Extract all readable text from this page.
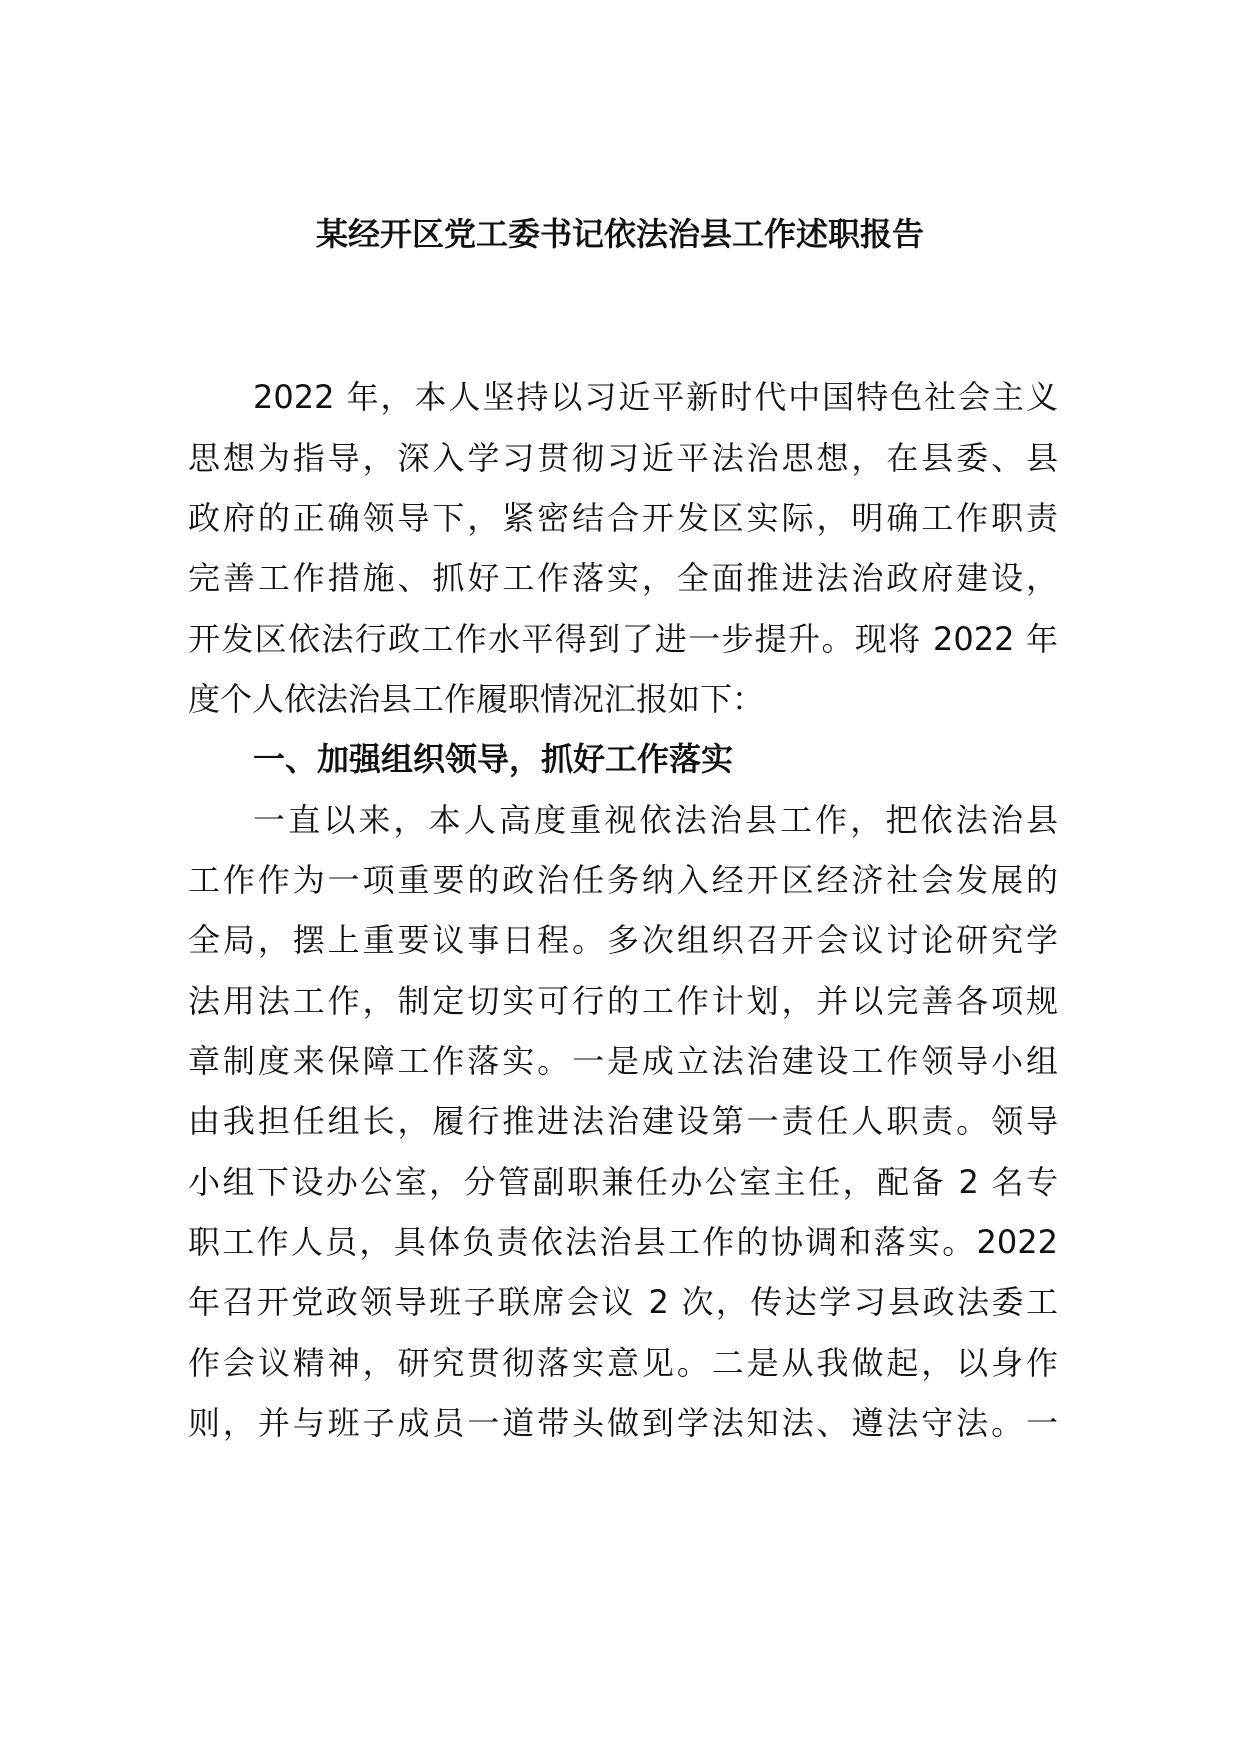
某经开区党工委书记依法治县工作述职报告
2022 年，本人坚持以习近平新时代中国特色社会主义
思想为指导，深入学习贯彻习近平法治思想，在县委、县
政府的正确领导下，紧密结合开发区实际，明确工作职责
完善工作措施、抓好工作落实，全面推进法治政府建设，
开发区依法行政工作水平得到了进一步提升。现将 2022 年
度个人依法治县工作履职情况汇报如下：
一、加强组织领导，抓好工作落实
一直以来，本人高度重视依法治县工作，把依法治县
工作作为一项重要的政治任务纳入经开区经济社会发展的
全局，摆上重要议事日程。多次组织召开会议讨论研究学
法用法工作，制定切实可行的工作计划，并以完善各项规
章制度来保障工作落实。一是成立法治建设工作领导小组
由我担任组长，履行推进法治建设第一责任人职责。领导
小组下设办公室，分管副职兼任办公室主任，配备 2 名专
职工作人员，具体负责依法治县工作的协调和落实。2022
年召开党政领导班子联席会议 2 次，传达学习县政法委工
作会议精神，研究贯彻落实意见。二是从我做起，以身作
则，并与班子成员一道带头做到学法知法、遵法守法。一
